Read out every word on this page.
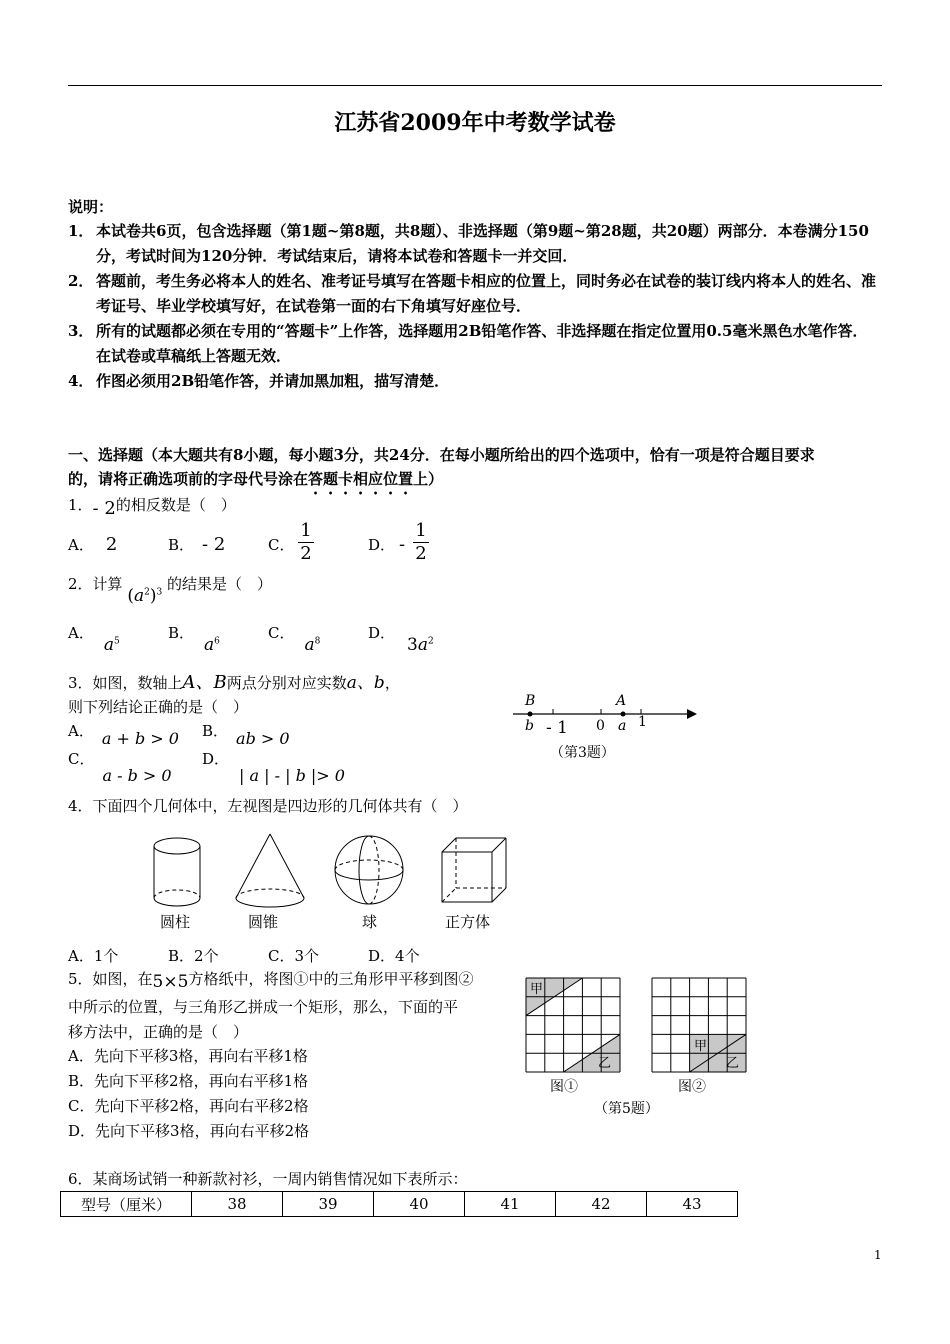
江苏省2009年中考数学试卷
说明：
1． 本试卷共6页，包含选择题（第1题~第8题，共8题）、非选择题（第9题~第28题，共20题）两部分．本卷满分150分，考试时间为120分钟．考试结束后，请将本试卷和答题卡一并交回．
2． 答题前，考生务必将本人的姓名、准考证号填写在答题卡相应的位置上，同时务必在试卷的装订线内将本人的姓名、准考证号、毕业学校填写好，在试卷第一面的右下角填写好座位号．
3． 所有的试题都必须在专用的“答题卡”上作答，选择题用2B铅笔作答、非选择题在指定位置用0.5毫米黑色水笔作答．在试卷或草稿纸上答题无效．
4． 作图必须用2B铅笔作答，并请加黑加粗，描写清楚．
一、选择题（本大题共有8小题，每小题3分，共24分．在每小题所给出的四个选项中，恰有一项是符合题目要求
的，请将正确选项前的字母代号涂在答题卡相应位置上）
1．- 2的相反数是（　）
A． 2	B． - 2	C． $\frac{1}{2}$	D． - $\frac{1}{2}$
2．计算 $(a^2)^3$ 的结果是（　）
A．$a^5$	B．$a^6$	C．$a^8$	D．$3a^2$
3．如图，数轴上A、B两点分别对应实数a、b，
则下列结论正确的是（　）
A． a + b > 0 B． ab > 0
C．a - b > 0
D．| a | - | b |> 0
B	A
b	a
- 1 0 1
（第3题）
4．下面四个几何体中，左视图是四边形的几何体共有（　）
圆柱	圆锥	球	正方体
A．1个	B．2个	C．3个	D．4个
5．如图，在5×5方格纸中，将图①中的三角形甲平移到图②
中所示的位置，与三角形乙拼成一个矩形，那么，下面的平
移方法中，正确的是（　）
A．先向下平移3格，再向右平移1格
B．先向下平移2格，再向右平移1格
C．先向下平移2格，再向右平移2格
D．先向下平移3格，再向右平移2格
甲
乙
甲
乙
图①	图②
（第5题）
6．某商场试销一种新款衬衫，一周内销售情况如下表所示：
型号（厘米）	38	39	40	41	42	43
1
